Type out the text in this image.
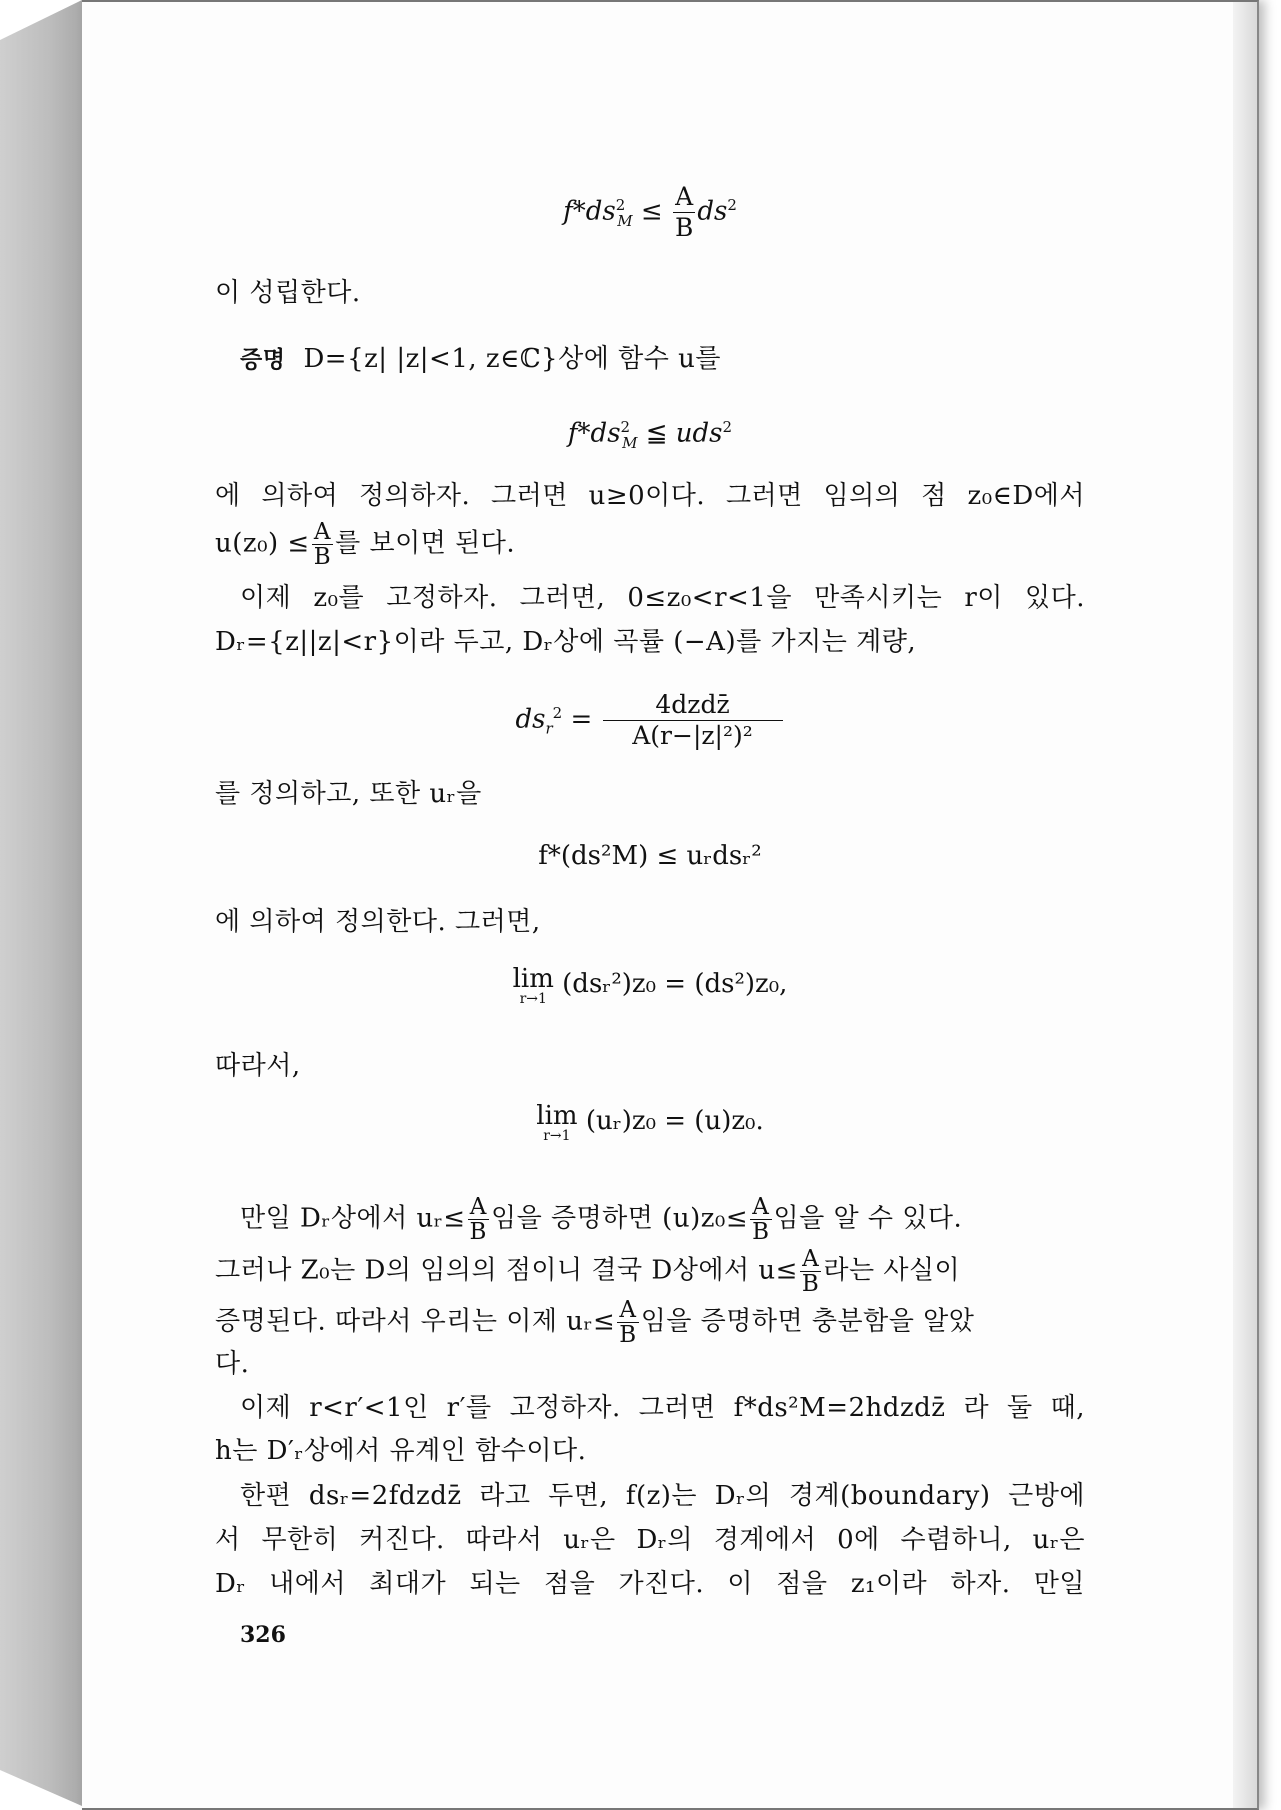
$f*ds^2_M \le \frac{A}{B} ds^2$

이 성립한다.

증명 D={z| |z|<1, z∈ℂ}상에 함수 u를

$f*ds^2_M$ ≦ uds$^2$

에 의하여 정의하자. 그러면 u≥0이다. 그러면 임의의 점 z₀∈D에서

$u(z_0) \le \frac{A}{B}$ 를 보이면 된다.

이제 z₀를 고정하자. 그러면, 0≤z₀<r<1을 만족시키는 r이 있다.

Dᵣ={z||z|<r}이라 두고, Dᵣ상에 곡률 (−A)를 가지는 계량,

$ds_r^2 = \frac{\text{4dzdz̄}}{\text{A(r−|z|²)²}}$

를 정의하고, 또한 uᵣ을

f*(ds²M) ≤ uᵣdsᵣ²

에 의하여 정의한다. 그러면,

lim
r→1 (dsᵣ²)z₀ = (ds²)z₀,

따라서,

lim
r→1 (uᵣ)z₀ = (u)z₀.

만일 Dᵣ상에서 uᵣ≤ $\frac{A}{B}$ 임을 증명하면 $(u)z_0\le \frac{A}{B}$ 임을 알 수 있다.

그러나 Z₀는 D의 임의의 점이니 결국 D상에서 $u\le \frac{A}{B}$ 라는 사실이

증명된다. 따라서 우리는 이제 uᵣ≤ $\frac{A}{B}$ 임을 증명하면 충분함을 알았

다.

이제 r<r′<1인 r′를 고정하자. 그러면 f*ds²M=2hdzdz̄ 라 둘 때,

h는 D′ᵣ상에서 유계인 함수이다.

한편 dsᵣ=2fdzdz̄ 라고 두면, f(z)는 Dᵣ의 경계(boundary) 근방에

서 무한히 커진다. 따라서 uᵣ은 Dᵣ의 경계에서 0에 수렴하니, uᵣ은

Dᵣ 내에서 최대가 되는 점을 가진다. 이 점을 z₁이라 하자. 만일

326
